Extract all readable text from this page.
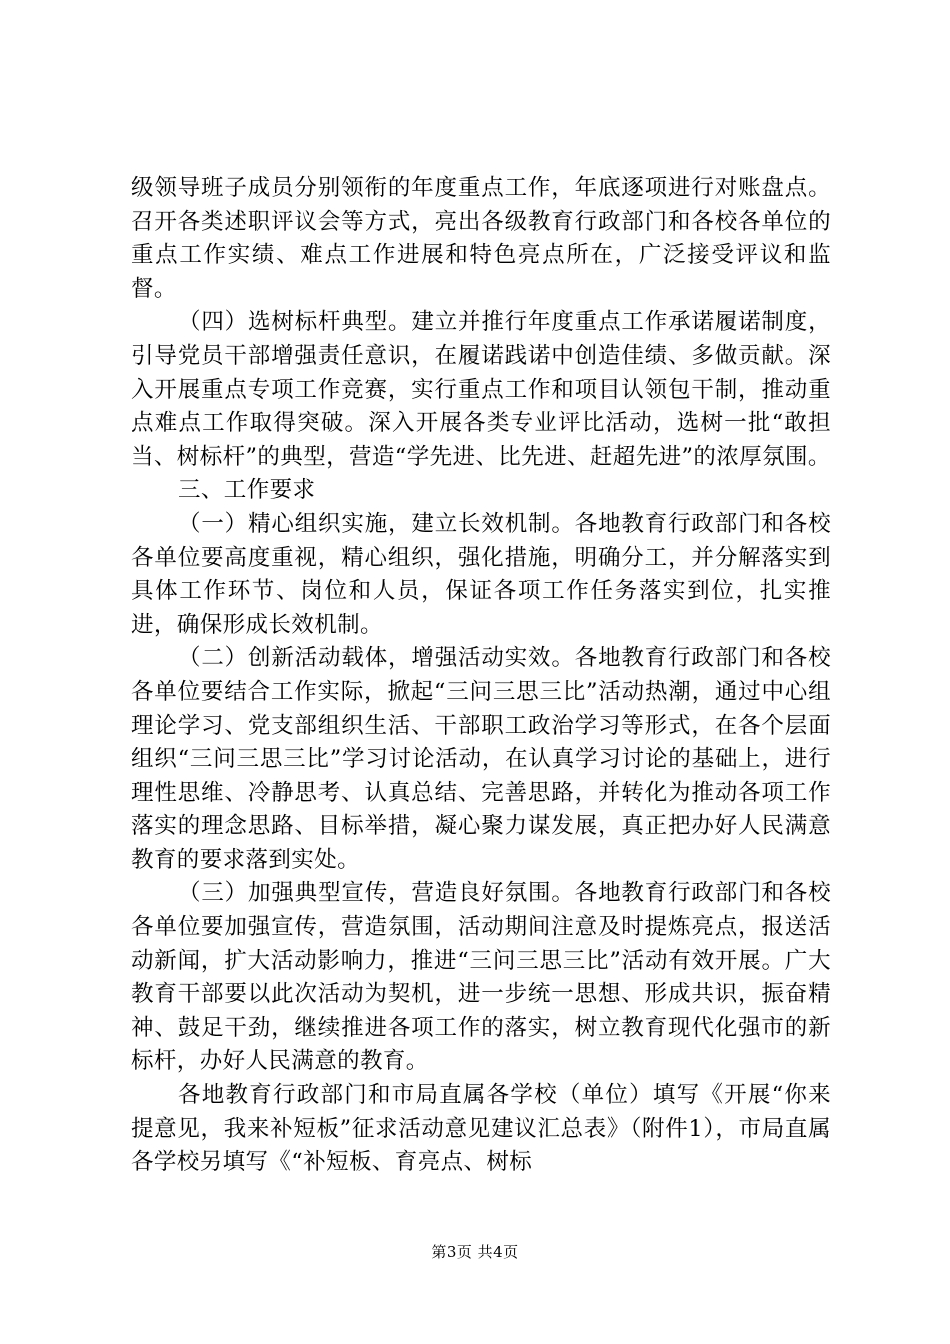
级领导班子成员分别领衔的年度重点工作，年底逐项进行对账盘点。召开各类述职评议会等方式，亮出各级教育行政部门和各校各单位的重点工作实绩、难点工作进展和特色亮点所在，广泛接受评议和监督。

（四）选树标杆典型。建立并推行年度重点工作承诺履诺制度，引导党员干部增强责任意识，在履诺践诺中创造佳绩、多做贡献。深入开展重点专项工作竞赛，实行重点工作和项目认领包干制，推动重点难点工作取得突破。深入开展各类专业评比活动，选树一批“敢担当、树标杆”的典型，营造“学先进、比先进、赶超先进”的浓厚氛围。

三、工作要求

（一）精心组织实施，建立长效机制。各地教育行政部门和各校各单位要高度重视，精心组织，强化措施，明确分工，并分解落实到具体工作环节、岗位和人员，保证各项工作任务落实到位，扎实推进，确保形成长效机制。

（二）创新活动载体，增强活动实效。各地教育行政部门和各校各单位要结合工作实际，掀起“三问三思三比”活动热潮，通过中心组理论学习、党支部组织生活、干部职工政治学习等形式，在各个层面组织“三问三思三比”学习讨论活动，在认真学习讨论的基础上，进行理性思维、冷静思考、认真总结、完善思路，并转化为推动各项工作落实的理念思路、目标举措，凝心聚力谋发展，真正把办好人民满意教育的要求落到实处。

（三）加强典型宣传，营造良好氛围。各地教育行政部门和各校各单位要加强宣传，营造氛围，活动期间注意及时提炼亮点，报送活动新闻，扩大活动影响力，推进“三问三思三比”活动有效开展。广大教育干部要以此次活动为契机，进一步统一思想、形成共识，振奋精神、鼓足干劲，继续推进各项工作的落实，树立教育现代化强市的新标杆，办好人民满意的教育。

各地教育行政部门和市局直属各学校（单位）填写《开展“你来提意见，我来补短板”征求活动意见建议汇总表》（附件1），市局直属各学校另填写《“补短板、育亮点、树标

第3页 共4页
